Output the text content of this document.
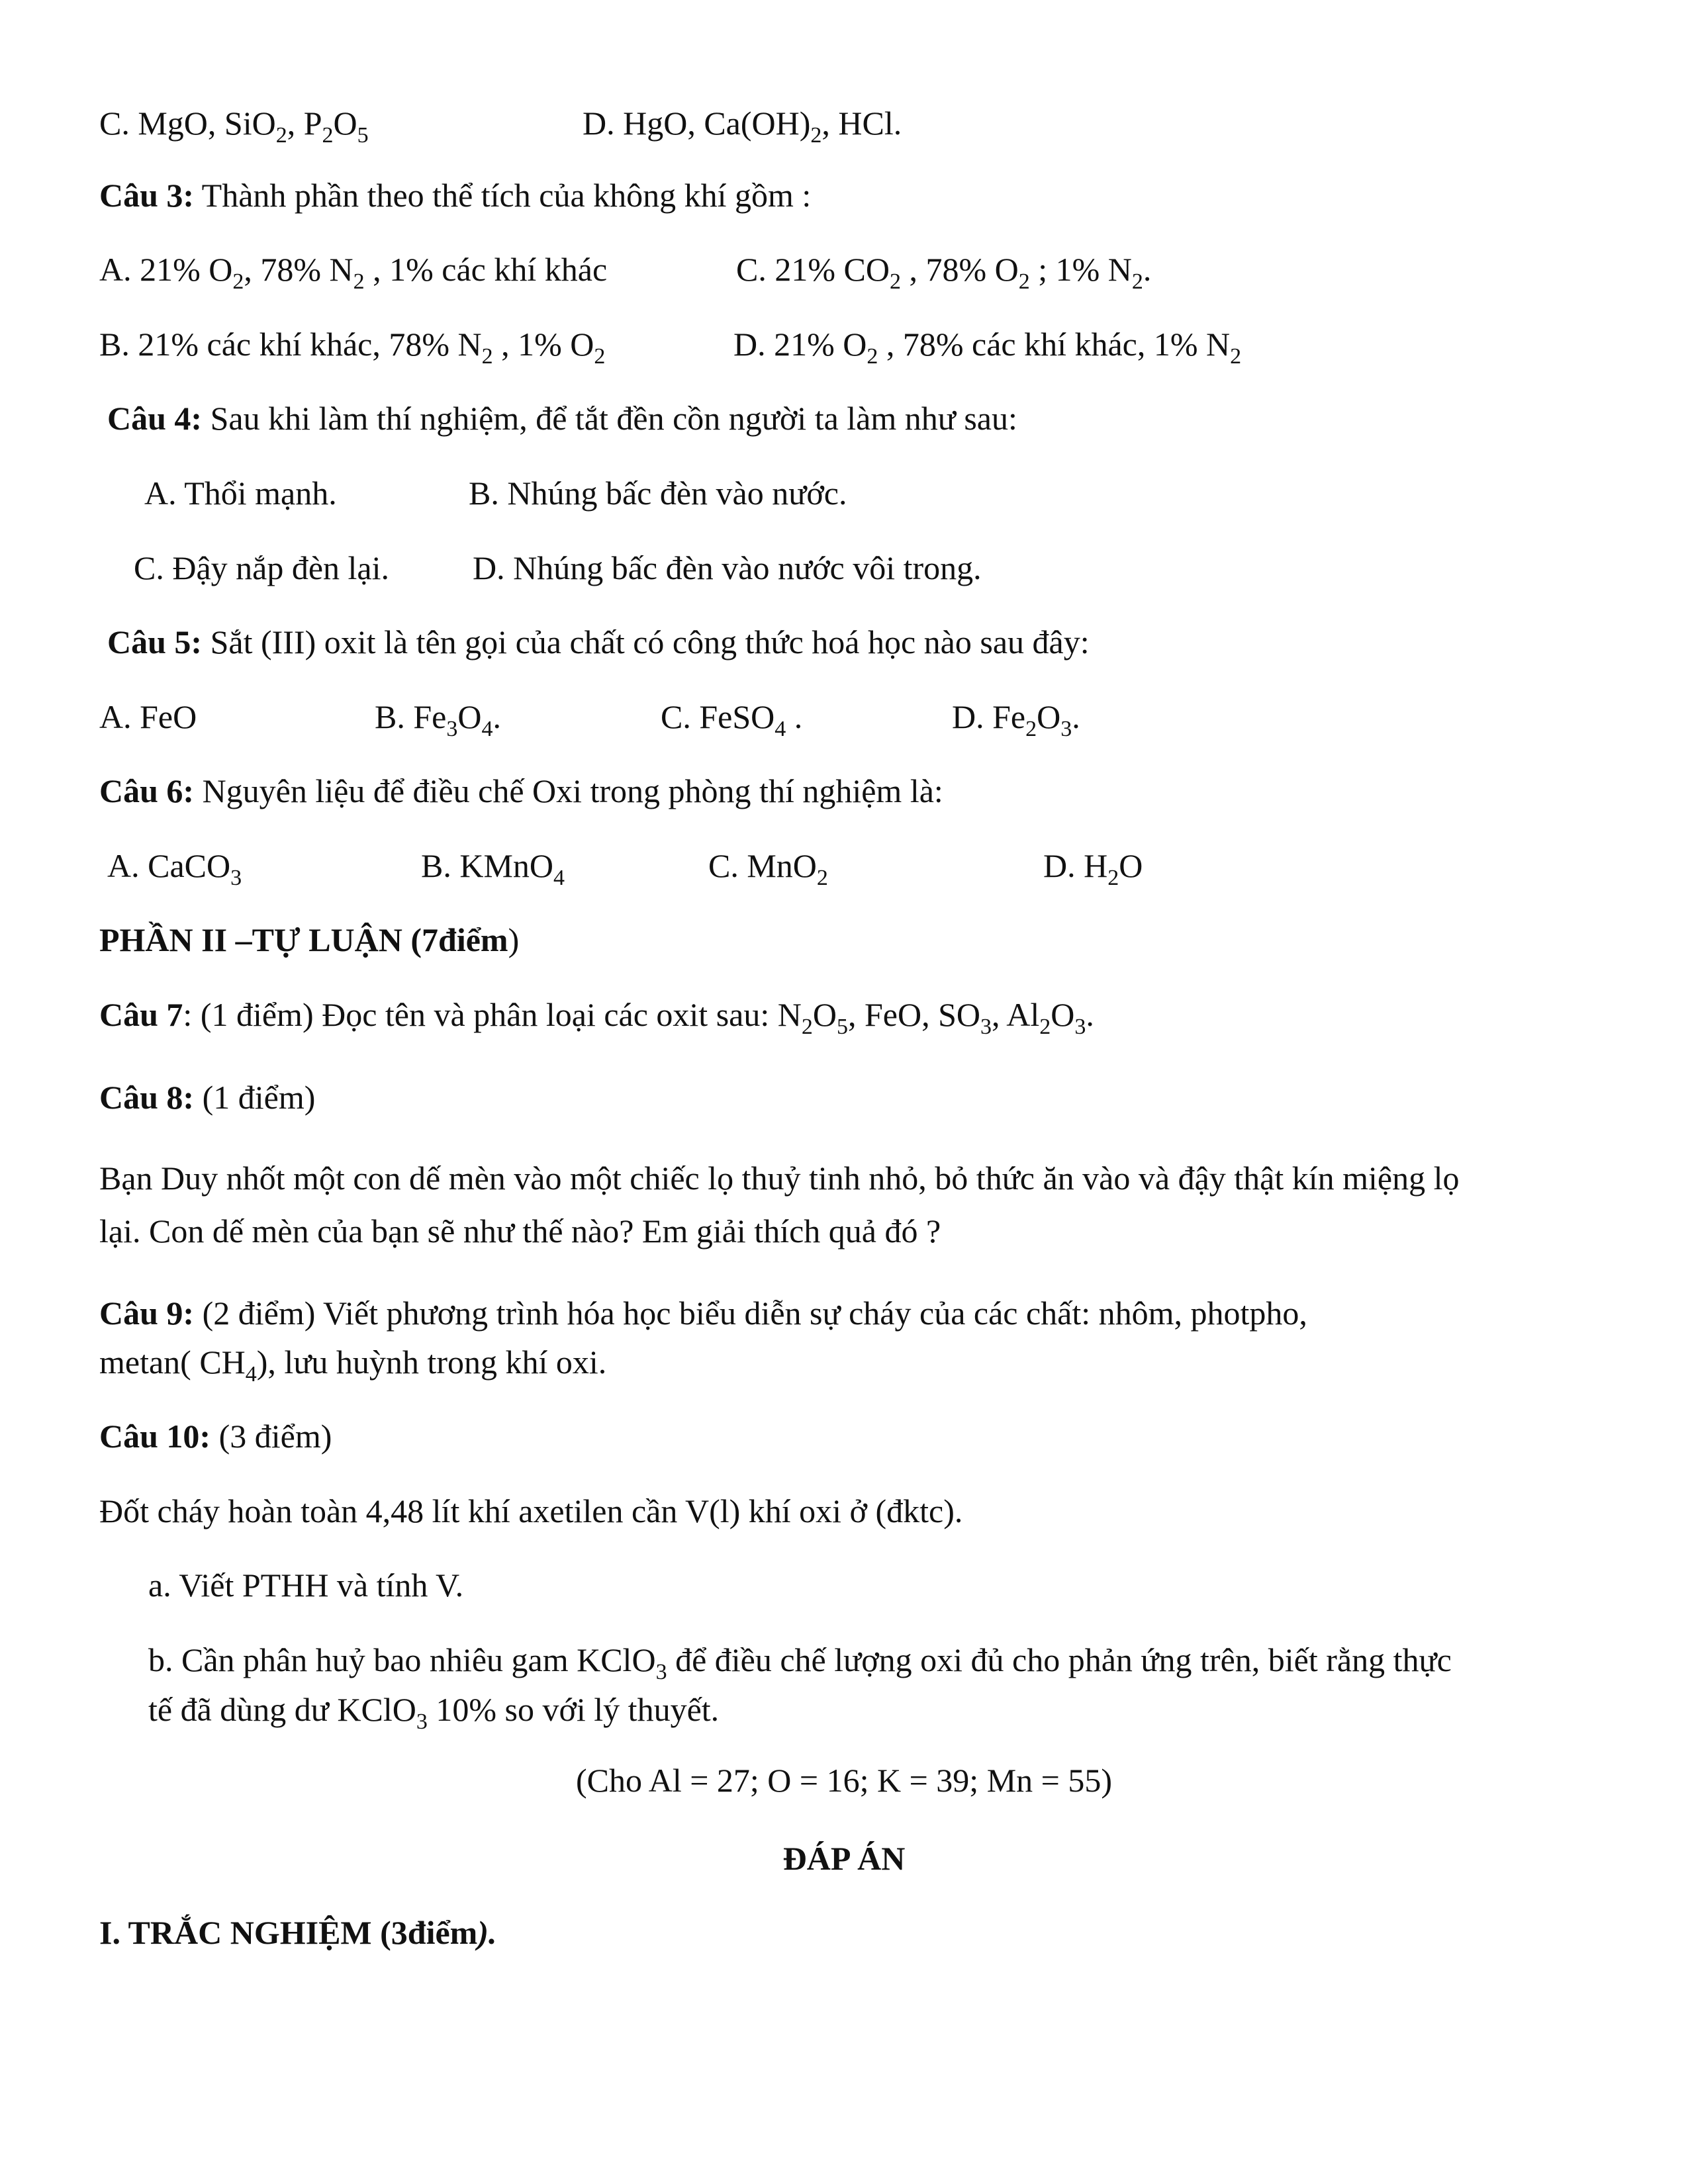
C. MgO, SiO$_2$, $P_2O_5$	D. HgO, $Ca(OH)_2$, HCl.
Câu 3: Thành phần theo thể tích của không khí gồm :
A. 21% $O_2$, 78% $N_2$ , 1% các khí khác	C. 21% $CO_2$ , 78% $O_2$ ; 1% $N_2$.
B. 21% các khí khác, 78% $N_2$ , 1% $O_2$	D. 21% $O_2$ , 78% các khí khác, 1% $N_2$
Câu 4: Sau khi làm thí nghiệm, để tắt đền cồn người ta làm như sau:
A. Thổi mạnh.	B. Nhúng bấc đèn vào nước.
C. Đậy nắp đèn lại.	D. Nhúng bấc đèn vào nước vôi trong.
Câu 5: Sắt (III) oxit là tên gọi của chất có công thức hoá học nào sau đây:
A. FeO	B. $Fe_3O_4$.	C. FeSO$_4$ .	D. $Fe_2O_3$.
Câu 6: Nguyên liệu để điều chế Oxi trong phòng thí nghiệm là:
A. CaCO$_3$	B. KMnO$_4$	C. MnO$_2$	D. $H_2O$
PHẦN II –TỰ LUẬN (7điểm)
Câu 7: (1 điểm) Đọc tên và phân loại các oxit sau: $N_2O_5$, FeO, $SO_3$, $Al_2O_3$.
Câu 8: (1 điểm)
Bạn Duy nhốt một con dế mèn vào một chiếc lọ thuỷ tinh nhỏ, bỏ thức ăn vào và đậy thật kín miệng lọ
lại. Con dế mèn của bạn sẽ như thế nào? Em giải thích quả đó ?
Câu 9: (2 điểm) Viết phương trình hóa học biểu diễn sự cháy của các chất: nhôm, photpho,
metan( $CH_4$), lưu huỳnh trong khí oxi.
Câu 10: (3 điểm)
Đốt cháy hoàn toàn 4,48 lít khí axetilen cần V(l) khí oxi ở (đktc).
a. Viết PTHH và tính V.
b. Cần phân huỷ bao nhiêu gam KClO$_3$ để điều chế lượng oxi đủ cho phản ứng trên, biết rằng thực
tế đã dùng dư KClO$_3$ 10% so với lý thuyết.
(Cho Al = 27; O = 16; K = 39; Mn = 55)
ĐÁP ÁN
I. TRẮC NGHIỆM (3điểm).
